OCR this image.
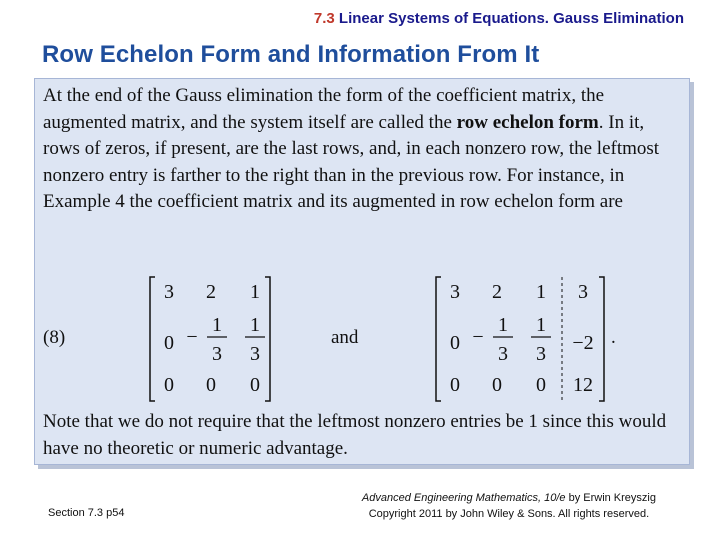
7.3 Linear Systems of Equations. Gauss Elimination
Row Echelon Form and Information From It

At the end of the Gauss elimination the form of the coefficient matrix, the augmented matrix, and the system itself are called the row echelon form. In it, rows of zeros, if present, are the last rows, and, in each nonzero row, the leftmost nonzero entry is farther to the right than in the previous row. For instance, in Example 4 the coefficient matrix and its augmented in row echelon form are

(8)
3 2 1
0 −
1
3
1
3
0 0 0
and
3 2 1 3
0 −
1
3
1
3 −2
0 0 0 12
.

Note that we do not require that the leftmost nonzero entries be 1 since this would have no theoretic or numeric advantage.

Section 7.3 p54
Advanced Engineering Mathematics, 10/e by Erwin Kreyszig
Copyright 2011 by John Wiley & Sons. All rights reserved.
